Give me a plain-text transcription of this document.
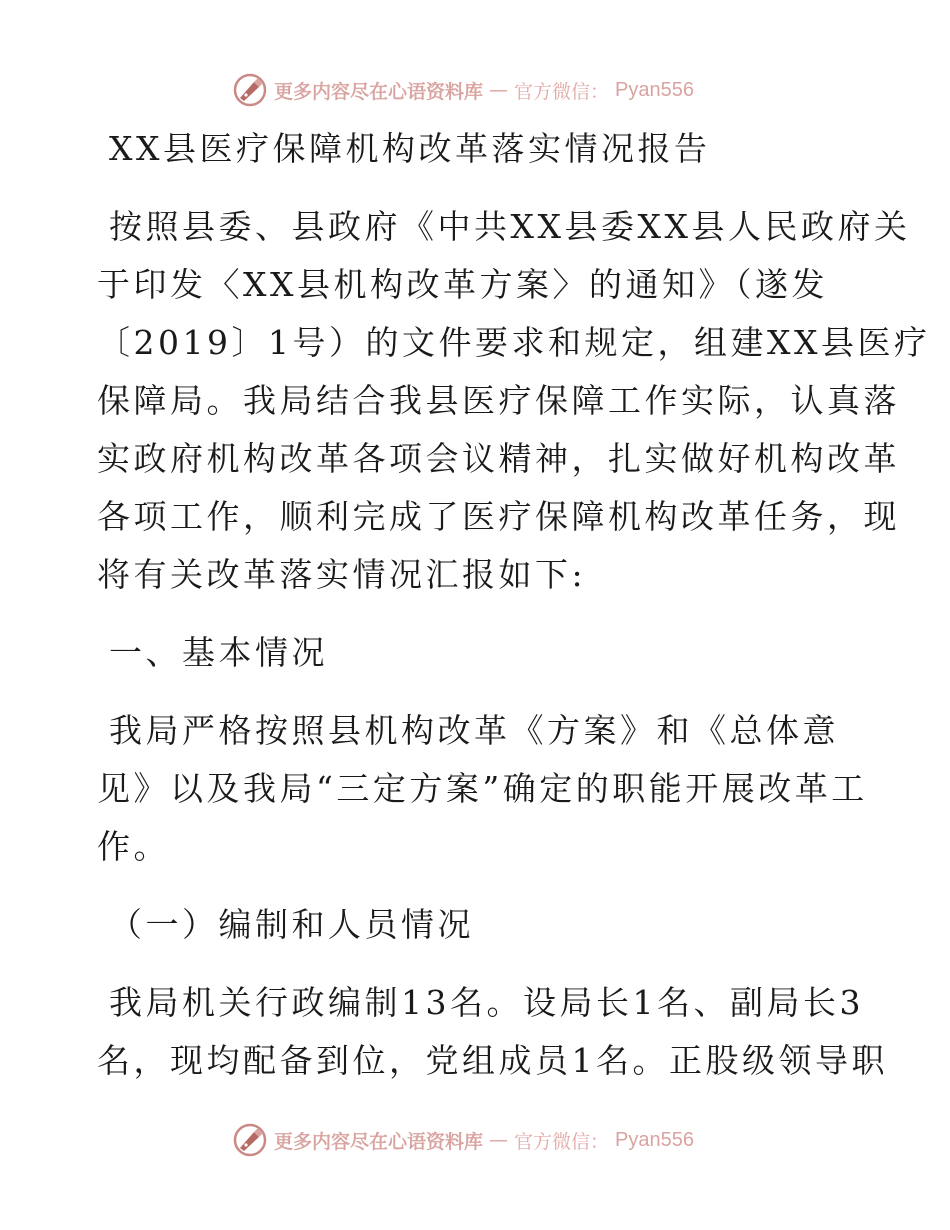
更多内容尽在心语资料库 — 官方微信： Pyan556
XX县医疗保障机构改革落实情况报告
按照县委、县政府《中共XX县委XX县人民政府关
于印发〈XX县机构改革方案〉的通知》（遂发
〔2019〕1号）的文件要求和规定，组建XX县医疗
保障局。我局结合我县医疗保障工作实际，认真落
实政府机构改革各项会议精神，扎实做好机构改革
各项工作，顺利完成了医疗保障机构改革任务，现
将有关改革落实情况汇报如下:
一、基本情况
我局严格按照县机构改革《方案》和《总体意
见》以及我局“三定方案”确定的职能开展改革工
作。
（一）编制和人员情况
我局机关行政编制13名。设局长1名、副局长3
名，现均配备到位，党组成员1名。正股级领导职
更多内容尽在心语资料库 — 官方微信： Pyan556
